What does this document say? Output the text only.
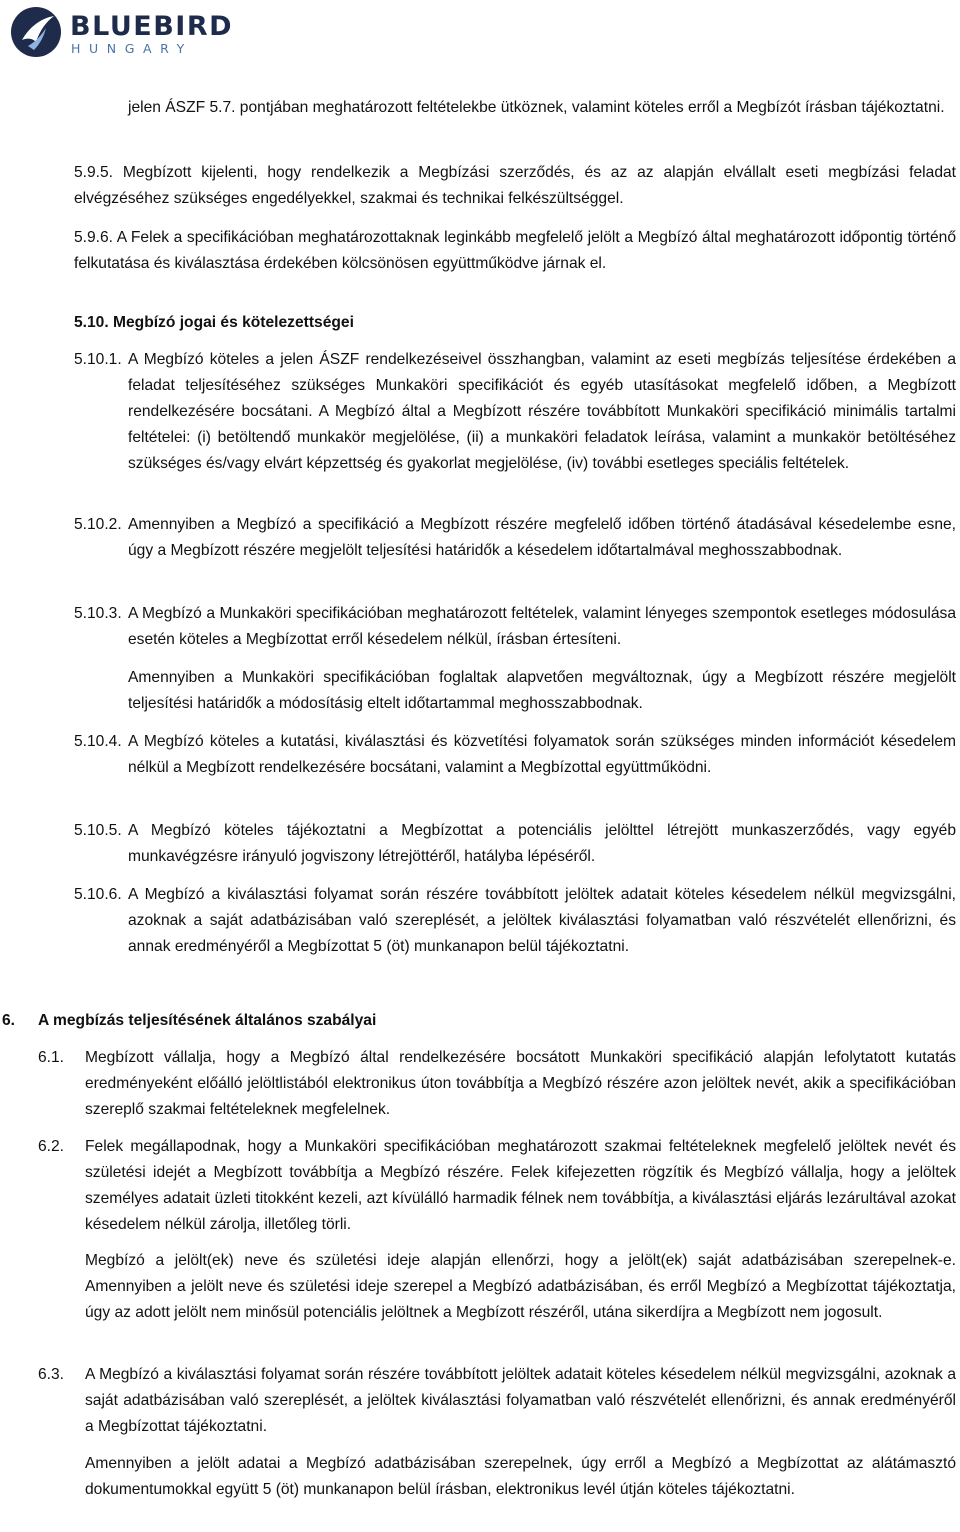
BLUEBIRD
HUNGARY

jelen ÁSZF 5.7. pontjában meghatározott feltételekbe ütköznek, valamint köteles erről a Megbízót írásban tájékoztatni.

5.9.5. Megbízott kijelenti, hogy rendelkezik a Megbízási szerződés, és az az alapján elvállalt eseti megbízási feladat elvégzéséhez szükséges engedélyekkel, szakmai és technikai felkészültséggel.

5.9.6. A Felek a specifikációban meghatározottaknak leginkább megfelelő jelölt a Megbízó által meghatározott időpontig történő felkutatása és kiválasztása érdekében kölcsönösen együttműködve járnak el.

5.10. Megbízó jogai és kötelezettségei

5.10.1. A Megbízó köteles a jelen ÁSZF rendelkezéseivel összhangban, valamint az eseti megbízás teljesítése érdekében a feladat teljesítéséhez szükséges Munkaköri specifikációt és egyéb utasításokat megfelelő időben, a Megbízott rendelkezésére bocsátani. A Megbízó által a Megbízott részére továbbított Munkaköri specifikáció minimális tartalmi feltételei: (i) betöltendő munkakör megjelölése, (ii) a munkaköri feladatok leírása, valamint a munkakör betöltéséhez szükséges és/vagy elvárt képzettség és gyakorlat megjelölése, (iv) további esetleges speciális feltételek.

5.10.2. Amennyiben a Megbízó a specifikáció a Megbízott részére megfelelő időben történő átadásával késedelembe esne, úgy a Megbízott részére megjelölt teljesítési határidők a késedelem időtartalmával meghosszabbodnak.

5.10.3. A Megbízó a Munkaköri specifikációban meghatározott feltételek, valamint lényeges szempontok esetleges módosulása esetén köteles a Megbízottat erről késedelem nélkül, írásban értesíteni.

Amennyiben a Munkaköri specifikációban foglaltak alapvetően megváltoznak, úgy a Megbízott részére megjelölt teljesítési határidők a módosításig eltelt időtartammal meghosszabbodnak.

5.10.4. A Megbízó köteles a kutatási, kiválasztási és közvetítési folyamatok során szükséges minden információt késedelem nélkül a Megbízott rendelkezésére bocsátani, valamint a Megbízottal együttműködni.

5.10.5. A Megbízó köteles tájékoztatni a Megbízottat a potenciális jelölttel létrejött munkaszerződés, vagy egyéb munkavégzésre irányuló jogviszony létrejöttéről, hatályba lépéséről.

5.10.6. A Megbízó a kiválasztási folyamat során részére továbbított jelöltek adatait köteles késedelem nélkül megvizsgálni, azoknak a saját adatbázisában való szereplését, a jelöltek kiválasztási folyamatban való részvételét ellenőrizni, és annak eredményéről a Megbízottat 5 (öt) munkanapon belül tájékoztatni.

6. A megbízás teljesítésének általános szabályai

6.1. Megbízott vállalja, hogy a Megbízó által rendelkezésére bocsátott Munkaköri specifikáció alapján lefolytatott kutatás eredményeként előálló jelöltlistából elektronikus úton továbbítja a Megbízó részére azon jelöltek nevét, akik a specifikációban szereplő szakmai feltételeknek megfelelnek.

6.2. Felek megállapodnak, hogy a Munkaköri specifikációban meghatározott szakmai feltételeknek megfelelő jelöltek nevét és születési idejét a Megbízott továbbítja a Megbízó részére. Felek kifejezetten rögzítik és Megbízó vállalja, hogy a jelöltek személyes adatait üzleti titokként kezeli, azt kívülálló harmadik félnek nem továbbítja, a kiválasztási eljárás lezárultával azokat késedelem nélkül zárolja, illetőleg törli.

Megbízó a jelölt(ek) neve és születési ideje alapján ellenőrzi, hogy a jelölt(ek) saját adatbázisában szerepelnek-e. Amennyiben a jelölt neve és születési ideje szerepel a Megbízó adatbázisában, és erről Megbízó a Megbízottat tájékoztatja, úgy az adott jelölt nem minősül potenciális jelöltnek a Megbízott részéről, utána sikerdíjra a Megbízott nem jogosult.

6.3. A Megbízó a kiválasztási folyamat során részére továbbított jelöltek adatait köteles késedelem nélkül megvizsgálni, azoknak a saját adatbázisában való szereplését, a jelöltek kiválasztási folyamatban való részvételét ellenőrizni, és annak eredményéről a Megbízottat tájékoztatni.

Amennyiben a jelölt adatai a Megbízó adatbázisában szerepelnek, úgy erről a Megbízó a Megbízottat az alátámasztó dokumentumokkal együtt 5 (öt) munkanapon belül írásban, elektronikus levél útján köteles tájékoztatni.
